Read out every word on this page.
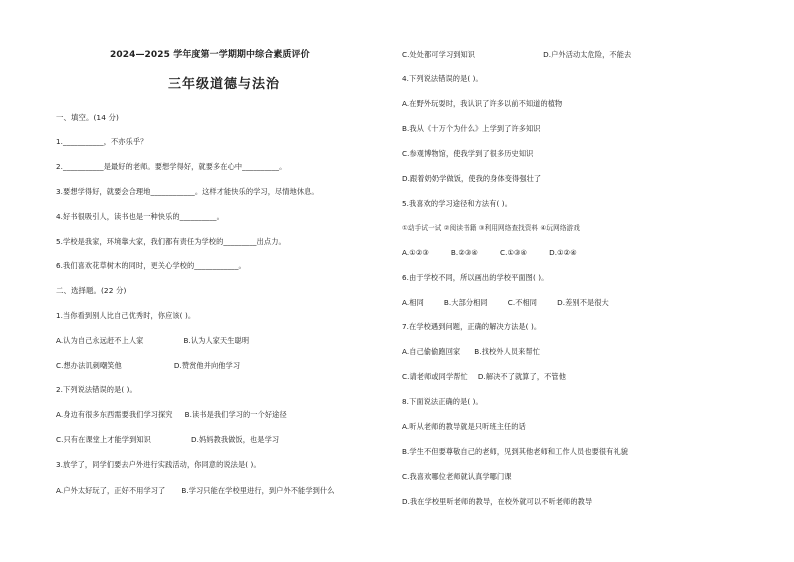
2024—2025 学年度第一学期期中综合素质评价
三年级道德与法治
一、填空。(14 分)
1.___________，不亦乐乎？
2.___________是最好的老师。要想学得好，就要多在心中__________。
3.要想学得好，就要会合理地____________。这样才能快乐的学习，尽情地休息。
4.好书很吸引人，读书也是一种快乐的__________。
5.学校是我家，环境靠大家，我们都有责任为学校的_________出点力。
6.我们喜欢花草树木的同时，更关心学校的____________。
二、选择题。(22 分)
1.当你看到别人比自己优秀时，你应该( )。
A.认为自己永远赶不上人家	B.认为人家天生聪明
C.想办法讥刺嘲笑他	D.赞赏他并向他学习
2.下列说法错误的是( )。
A.身边有很多东西需要我们学习探究 B.读书是我们学习的一个好途径
C.只有在课堂上才能学到知识	D.妈妈教我做饭，也是学习
3.放学了，同学们要去户外进行实践活动，你同意的说法是( )。
A.户外太好玩了，正好不用学习了 B.学习只能在学校里进行，到户外不能学到什么
C.处处都可学习到知识	D.户外活动太危险，不能去
4.下列说法错误的是( )。
A.在野外玩耍时，我认识了许多以前不知道的植物
B.我从《十万个为什么》上学到了许多知识
C.参观博物馆，使我学到了很多历史知识
D.跟着奶奶学做饭，使我的身体变得强壮了
5.我喜欢的学习途径和方法有( )。
①动手试一试 ②阅读书籍 ③利用网络查找资料 ④玩网络游戏
A.①②③	B.②③④	C.①③④	D.①②④
6.由于学校不同，所以画出的学校平面图( )。
A.相同	B.大部分相同	C.不相同	D.差别不是很大
7.在学校遇到问题，正确的解决方法是( )。
A.自己偷偷跑回家 B.找校外人员来帮忙
C.请老师或同学帮忙 D.解决不了就算了，不管他
8.下面说法正确的是( )。
A.听从老师的教导就是只听班主任的话
B.学生不但要尊敬自己的老师，见到其他老师和工作人员也要很有礼貌
C.我喜欢哪位老师就认真学哪门课
D.我在学校里听老师的教导，在校外就可以不听老师的教导
